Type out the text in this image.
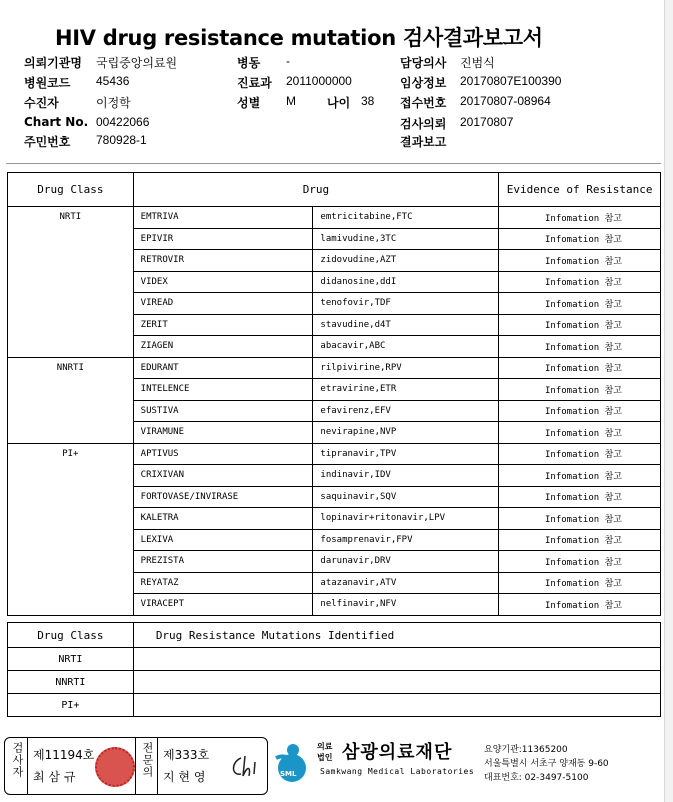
HIV drug resistance mutation 검사결과보고서
의뢰기관명 국립중앙의료원
병원코드 45436
수진자	이정학
Chart No. 00422066
주민번호 780928-1
병동 -
진료과 2011000000
성별 M	나이 38
담당의사 진범식
임상정보 20170807E100390
접수번호 20170807-08964
검사의뢰 20170807
결과보고
Drug Class	Drug		Evidence of Resistance
NRTI	EMTRIVA	emtricitabine,FTC	Infomation 참고
	EPIVIR	lamivudine,3TC	Infomation 참고
	RETROVIR	zidovudine,AZT	Infomation 참고
	VIDEX	didanosine,ddI	Infomation 참고
	VIREAD	tenofovir,TDF	Infomation 참고
	ZERIT	stavudine,d4T	Infomation 참고
	ZIAGEN	abacavir,ABC	Infomation 참고
NNRTI	EDURANT	rilpivirine,RPV	Infomation 참고
	INTELENCE	etravirine,ETR	Infomation 참고
	SUSTIVA	efavirenz,EFV	Infomation 참고
	VIRAMUNE	nevirapine,NVP	Infomation 참고
PI+	APTIVUS	tipranavir,TPV	Infomation 참고
	CRIXIVAN	indinavir,IDV	Infomation 참고
	FORTOVASE/INVIRASE	saquinavir,SQV	Infomation 참고
	KALETRA	lopinavir+ritonavir,LPV	Infomation 참고
	LEXIVA	fosamprenavir,FPV	Infomation 참고
	PREZISTA	darunavir,DRV	Infomation 참고
	REYATAZ	atazanavir,ATV	Infomation 참고
	VIRACEPT	nelfinavir,NFV	Infomation 참고
Drug Class	Drug Resistance Mutations Identified
NRTI	
NNRTI	
PI+	
검사자 제11194호
최 삼 규	전문의 제333호
지 현 영	SML
의료법인 삼광의료재단
Samkwang Medical Laboratories
요양기관:11365200
서울특별시 서초구 양재동 9-60
대표번호: 02-3497-5100
